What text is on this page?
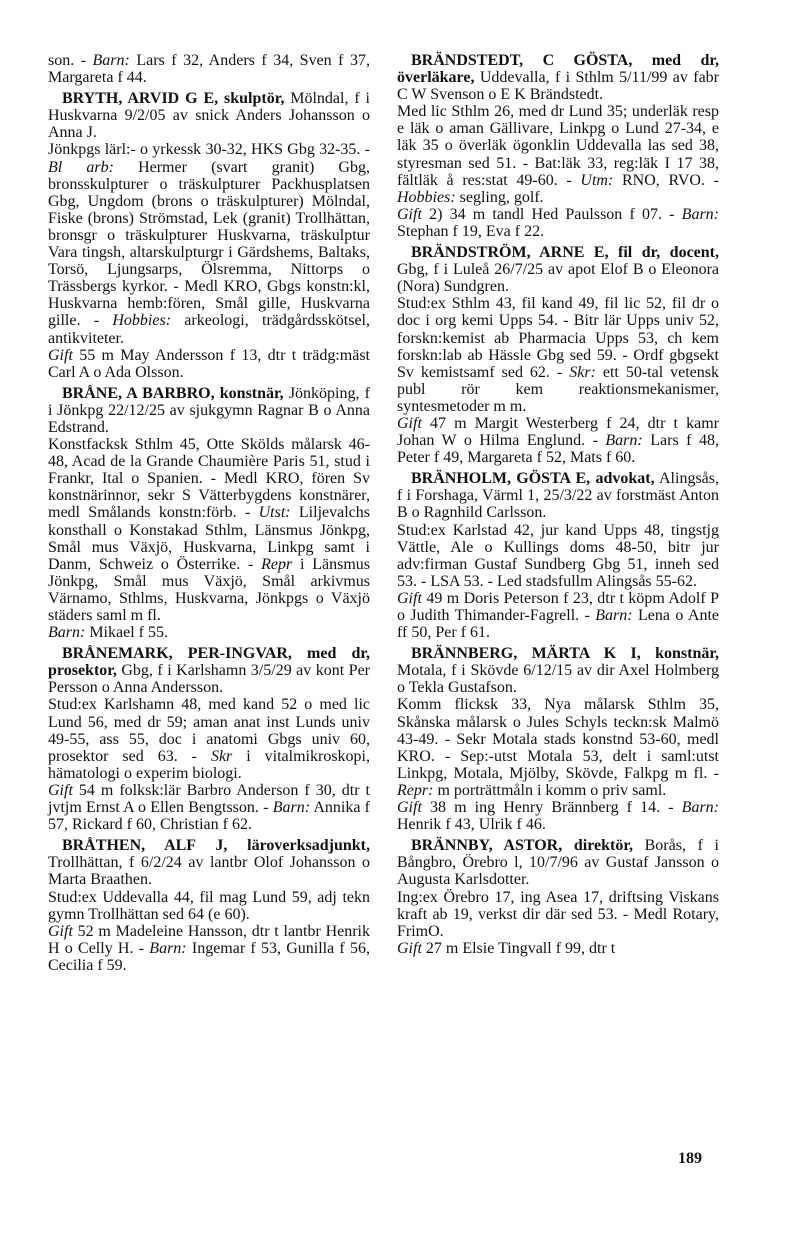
son. - Barn: Lars f 32, Anders f 34, Sven f 37, Margareta f 44.

BRYTH, ARVID G E, skulptör, Mölndal, f i Huskvarna 9/2/05 av snick Anders Johansson o Anna J.

Jönkpgs lärl:- o yrkessk 30-32, HKS Gbg 32-35. - Bl arb: Hermer (svart granit) Gbg, bronsskulpturer o träskulpturer Packhusplatsen Gbg, Ungdom (brons o träskulpturer) Mölndal, Fiske (brons) Strömstad, Lek (granit) Trollhättan, bronsgr o träskulpturer Huskvarna, träskulptur Vara tingsh, altarskulpturgr i Gärdshems, Baltaks, Torsö, Ljungsarps, Ölsremma, Nittorps o Trässbergs kyrkor. - Medl KRO, Gbgs konstn:kl, Huskvarna hemb:fören, Smål gille, Huskvarna gille. - Hobbies: arkeologi, trädgårdsskötsel, antikviteter.

Gift 55 m May Andersson f 13, dtr t trädg:mäst Carl A o Ada Olsson.

BRÅNE, A BARBRO, konstnär, Jönköping, f i Jönkpg 22/12/25 av sjukgymn Ragnar B o Anna Edstrand.

Konstfacksk Sthlm 45, Otte Skölds målarsk 46-48, Acad de la Grande Chaumière Paris 51, stud i Frankr, Ital o Spanien. - Medl KRO, fören Sv konstnärinnor, sekr S Vätterbygdens konstnärer, medl Smålands konstn:förb. - Utst: Liljevalchs konsthall o Konstakad Sthlm, Länsmus Jönkpg, Smål mus Växjö, Huskvarna, Linkpg samt i Danm, Schweiz o Österrike. - Repr i Länsmus Jönkpg, Smål mus Växjö, Smål arkivmus Värnamo, Sthlms, Huskvarna, Jönkpgs o Växjö städers saml m fl.

Barn: Mikael f 55.

BRÅNEMARK, PER-INGVAR, med dr, prosektor, Gbg, f i Karlshamn 3/5/29 av kont Per Persson o Anna Andersson.

Stud:ex Karlshamn 48, med kand 52 o med lic Lund 56, med dr 59; aman anat inst Lunds univ 49-55, ass 55, doc i anatomi Gbgs univ 60, prosektor sed 63. - Skr i vitalmikroskopi, hämatologi o experim biologi.

Gift 54 m folksk:lär Barbro Anderson f 30, dtr t jvtjm Ernst A o Ellen Bengtsson. - Barn: Annika f 57, Rickard f 60, Christian f 62.

BRÅTHEN, ALF J, läroverksadjunkt, Trollhättan, f 6/2/24 av lantbr Olof Johansson o Marta Braathen.

Stud:ex Uddevalla 44, fil mag Lund 59, adj tekn gymn Trollhättan sed 64 (e 60).

Gift 52 m Madeleine Hansson, dtr t lantbr Henrik H o Celly H. - Barn: Ingemar f 53, Gunilla f 56, Cecilia f 59.

BRÄNDSTEDT, C GÖSTA, med dr, överläkare, Uddevalla, f i Sthlm 5/11/99 av fabr C W Svenson o E K Brändstedt.

Med lic Sthlm 26, med dr Lund 35; underläk resp e läk o aman Gällivare, Linkpg o Lund 27-34, e läk 35 o överläk ögonklin Uddevalla las sed 38, styresman sed 51. - Bat:läk 33, reg:läk I 17 38, fältläk å res:stat 49-60. - Utm: RNO, RVO. - Hobbies: segling, golf.

Gift 2) 34 m tandl Hed Paulsson f 07. - Barn: Stephan f 19, Eva f 22.

BRÄNDSTRÖM, ARNE E, fil dr, docent, Gbg, f i Luleå 26/7/25 av apot Elof B o Eleonora (Nora) Sundgren.

Stud:ex Sthlm 43, fil kand 49, fil lic 52, fil dr o doc i org kemi Upps 54. - Bitr lär Upps univ 52, forskn:kemist ab Pharmacia Upps 53, ch kem forskn:lab ab Hässle Gbg sed 59. - Ordf gbgsekt Sv kemistsamf sed 62. - Skr: ett 50-tal vetensk publ rör kem reaktionsmekanismer, syntesmetoder m m.

Gift 47 m Margit Westerberg f 24, dtr t kamr Johan W o Hilma Englund. - Barn: Lars f 48, Peter f 49, Margareta f 52, Mats f 60.

BRÄNHOLM, GÖSTA E, advokat, Alingsås, f i Forshaga, Värml 1, 25/3/22 av forstmäst Anton B o Ragnhild Carlsson.

Stud:ex Karlstad 42, jur kand Upps 48, tingstjg Vättle, Ale o Kullings doms 48-50, bitr jur adv:firman Gustaf Sundberg Gbg 51, inneh sed 53. - LSA 53. - Led stadsfullm Alingsås 55-62.

Gift 49 m Doris Peterson f 23, dtr t köpm Adolf P o Judith Thimander-Fagrell. - Barn: Lena o Ante ff 50, Per f 61.

BRÄNNBERG, MÄRTA K I, konstnär, Motala, f i Skövde 6/12/15 av dir Axel Holmberg o Tekla Gustafson.

Komm flicksk 33, Nya målarsk Sthlm 35, Skånska målarsk o Jules Schyls teckn:sk Malmö 43-49. - Sekr Motala stads konstnd 53-60, medl KRO. - Sep:-utst Motala 53, delt i saml:utst Linkpg, Motala, Mjölby, Skövde, Falkpg m fl. - Repr: m porträttmåln i komm o priv saml.

Gift 38 m ing Henry Brännberg f 14. - Barn: Henrik f 43, Ulrik f 46.

BRÄNNBY, ASTOR, direktör, Borås, f i Bångbro, Örebro l, 10/7/96 av Gustaf Jansson o Augusta Karlsdotter.

Ing:ex Örebro 17, ing Asea 17, driftsing Viskans kraft ab 19, verkst dir där sed 53. - Medl Rotary, FrimO.

Gift 27 m Elsie Tingvall f 99, dtr t

189
